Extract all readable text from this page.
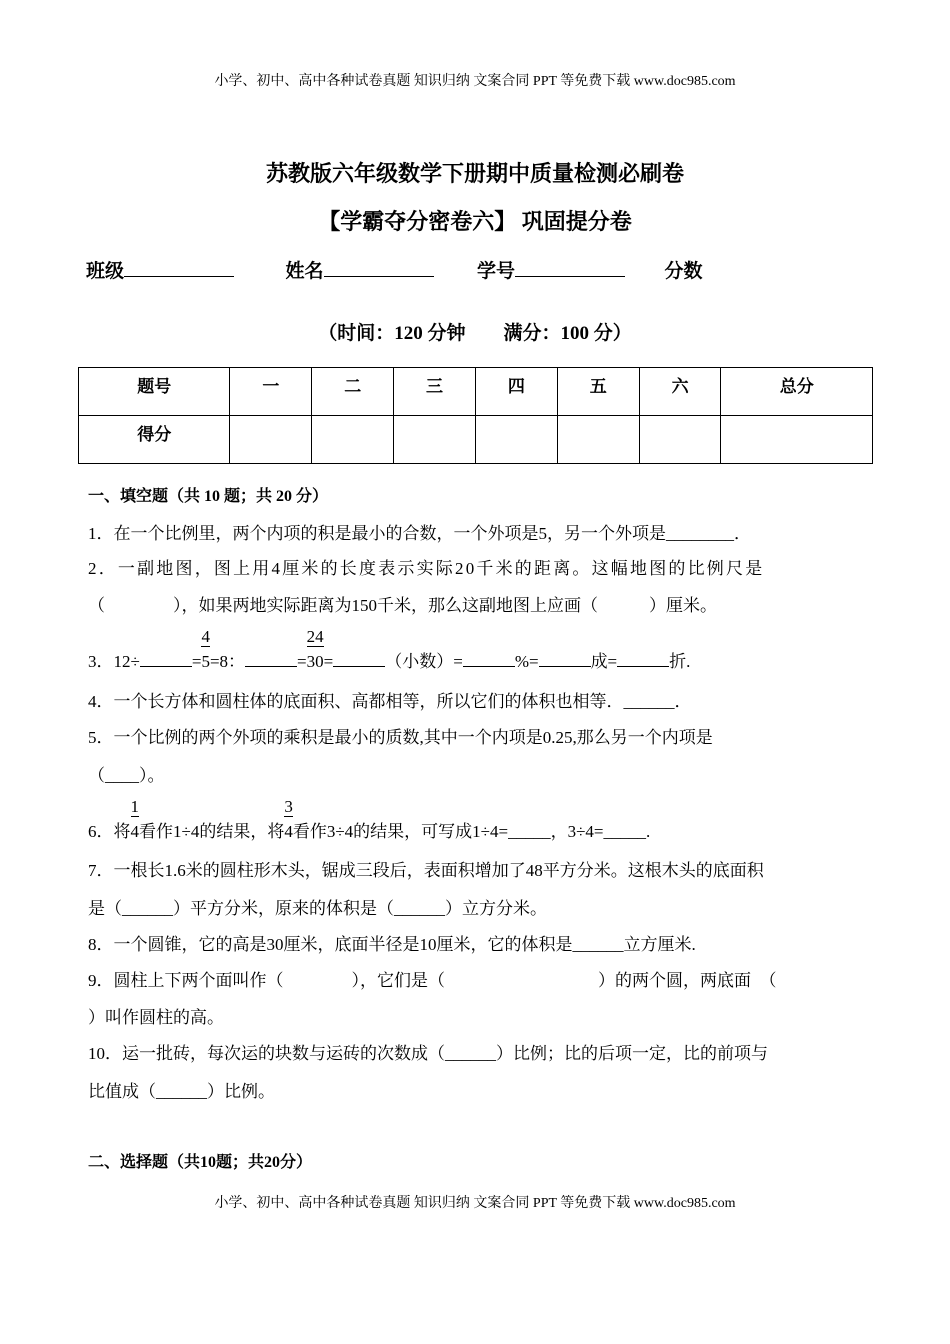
小学、初中、高中各种试卷真题 知识归纳 文案合同 PPT 等免费下载 www.doc985.com
苏教版六年级数学下册期中质量检测必刷卷
【学霸夺分密卷六】 巩固提分卷
班级	姓名	学号	分数
（时间：120 分钟        满分：100 分）
题号	一	二	三	四	五	六	总分
得分							
一、填空题（共 10 题；共 20 分）
1．在一个比例里，两个内项的积是最小的合数，一个外项是5，另一个外项是________．
2．一副地图，图上用4厘米的长度表示实际20千米的距离。这幅地图的比例尺是
（　　　　），如果两地实际距离为150千米，那么这副地图上应画（　　　）厘米。
3．12÷	= $\frac{4}{5}=8$：	= $\frac{24}{30}=$	（小数）=	%=	成=	折.
4．一个长方体和圆柱体的底面积、高都相等，所以它们的体积也相等．______．
5．一个比例的两个外项的乘积是最小的质数,其中一个内项是0.25,那么另一个内项是
（____）。
6．将 $\frac{1}{4}$看作1÷4的结果，将 $\frac{3}{4}$看作3÷4的结果，可写成1÷4=_____，3÷4=_____.
7．一根长1.6米的圆柱形木头，锯成三段后，表面积增加了48平方分米。这根木头的底面积
是（______）平方分米，原来的体积是（______）立方分米。
8．一个圆锥，它的高是30厘米，底面半径是10厘米，它的体积是______立方厘米.
9．圆柱上下两个面叫作（　　　　），它们是（　　　　　　　　　）的两个圆，两底面　（
）叫作圆柱的高。
10．运一批砖，每次运的块数与运砖的次数成（______）比例；比的后项一定，比的前项与
比值成（______）比例。
二、选择题（共10题；共20分）
小学、初中、高中各种试卷真题 知识归纳 文案合同 PPT 等免费下载 www.doc985.com
